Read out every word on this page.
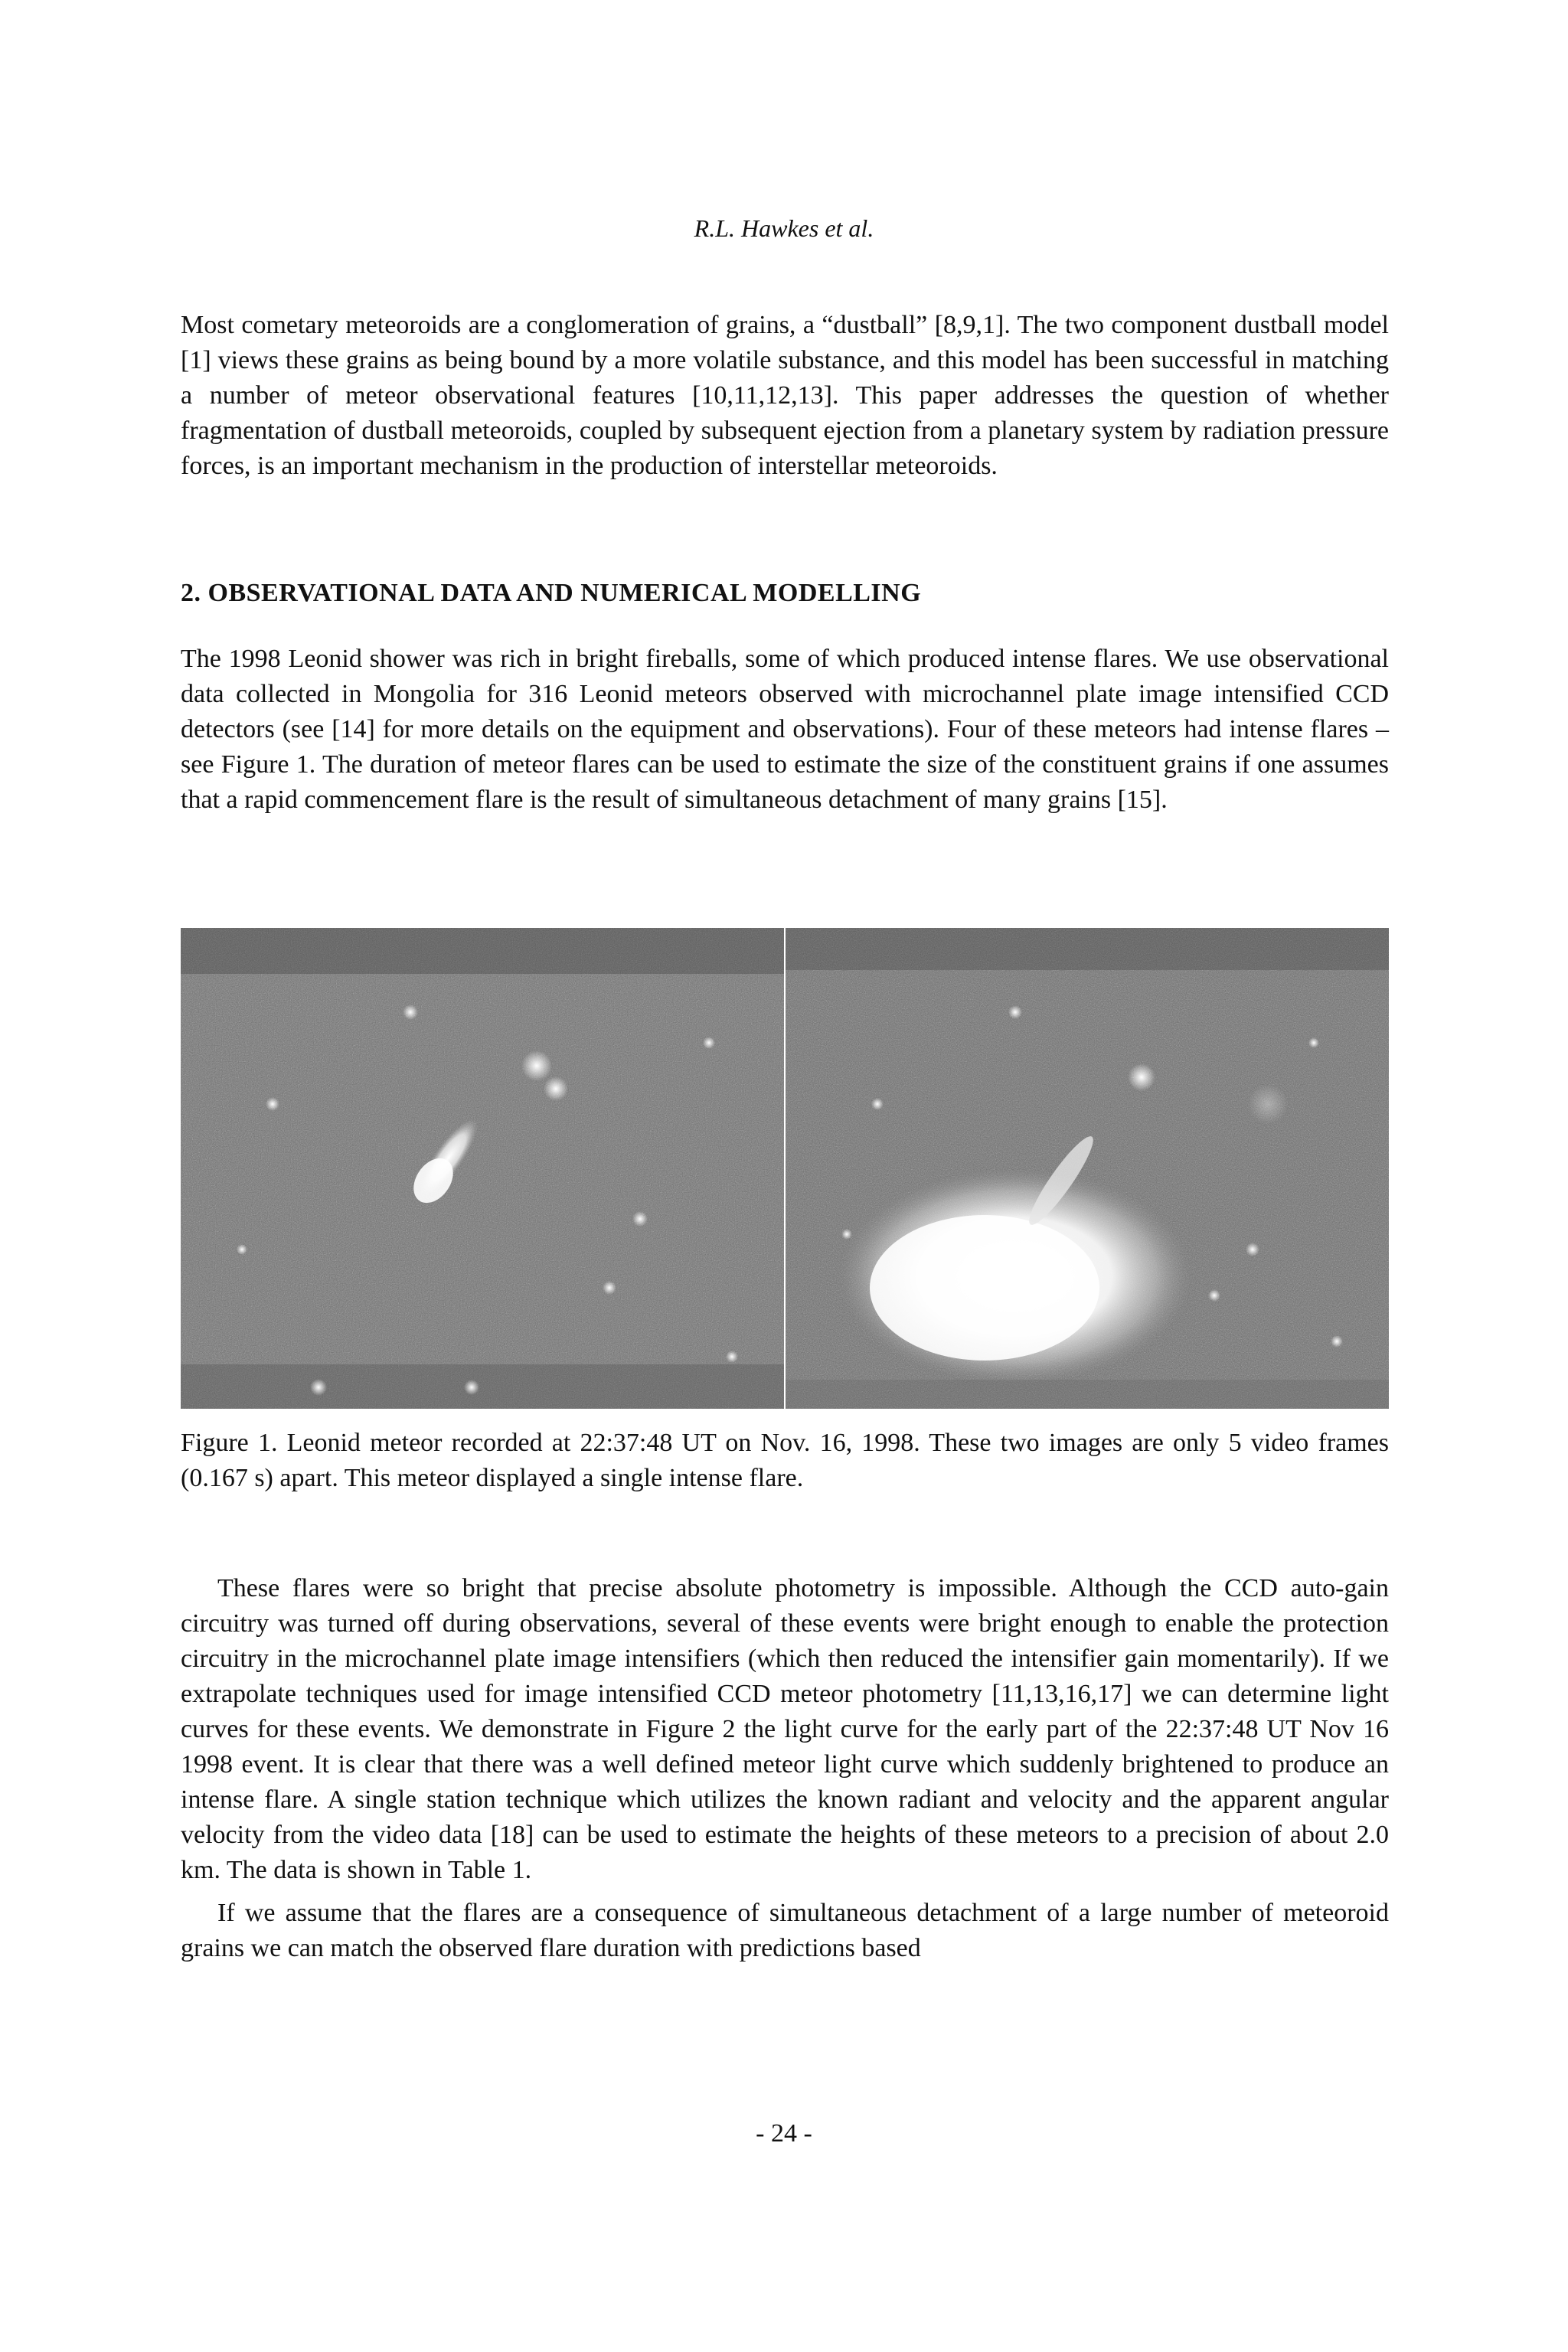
R.L. Hawkes et al.

Most cometary meteoroids are a conglomeration of grains, a “dustball” [8,9,1]. The two component dustball model [1] views these grains as being bound by a more volatile substance, and this model has been successful in matching a number of meteor observational features [10,11,12,13]. This paper addresses the question of whether fragmentation of dustball meteoroids, coupled by subsequent ejection from a planetary system by radiation pressure forces, is an important mechanism in the production of interstellar meteoroids.

2. OBSERVATIONAL DATA AND NUMERICAL MODELLING

The 1998 Leonid shower was rich in bright fireballs, some of which produced intense flares. We use observational data collected in Mongolia for 316 Leonid meteors observed with microchannel plate image intensified CCD detectors (see [14] for more details on the equipment and observations). Four of these meteors had intense flares – see Figure 1. The duration of meteor flares can be used to estimate the size of the constituent grains if one assumes that a rapid commencement flare is the result of simultaneous detachment of many grains [15].

Figure 1. Leonid meteor recorded at 22:37:48 UT on Nov. 16, 1998. These two images are only 5 video frames (0.167 s) apart. This meteor displayed a single intense flare.

These flares were so bright that precise absolute photometry is impossible. Although the CCD auto-gain circuitry was turned off during observations, several of these events were bright enough to enable the protection circuitry in the microchannel plate image intensifiers (which then reduced the intensifier gain momentarily). If we extrapolate techniques used for image intensified CCD meteor photometry [11,13,16,17] we can determine light curves for these events. We demonstrate in Figure 2 the light curve for the early part of the 22:37:48 UT Nov 16 1998 event. It is clear that there was a well defined meteor light curve which suddenly brightened to produce an intense flare. A single station technique which utilizes the known radiant and velocity and the apparent angular velocity from the video data [18] can be used to estimate the heights of these meteors to a precision of about 2.0 km. The data is shown in Table 1.

If we assume that the flares are a consequence of simultaneous detachment of a large number of meteoroid grains we can match the observed flare duration with predictions based

- 24 -
